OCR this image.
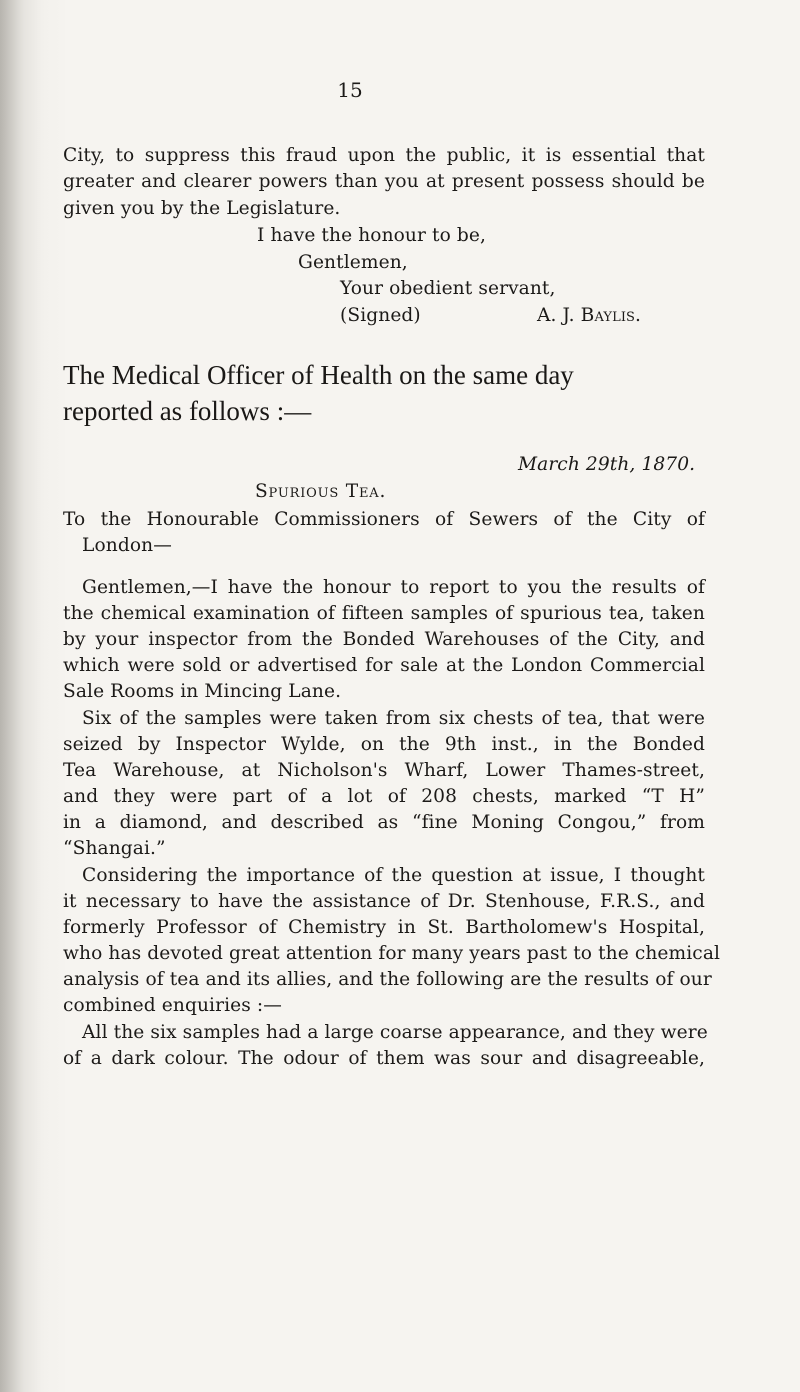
15
City, to suppress this fraud upon the public, it is essential that
greater and clearer powers than you at present possess should be
given you by the Legislature.
I have the honour to be,
Gentlemen,
Your obedient servant,
(Signed)	A. J. Baylis.
The Medical Officer of Health on the same day
reported as follows :—
March 29th, 1870.
Spurious Tea.
To the Honourable Commissioners of Sewers of the City of
London—
Gentlemen,—I have the honour to report to you the results of
the chemical examination of fifteen samples of spurious tea, taken
by your inspector from the Bonded Warehouses of the City, and
which were sold or advertised for sale at the London Commercial
Sale Rooms in Mincing Lane.
Six of the samples were taken from six chests of tea, that were
seized by Inspector Wylde, on the 9th inst., in the Bonded
Tea Warehouse, at Nicholson's Wharf, Lower Thames-street,
and they were part of a lot of 208 chests, marked “T H”
in a diamond, and described as “fine Moning Congou,” from
“Shangai.”
Considering the importance of the question at issue, I thought
it necessary to have the assistance of Dr. Stenhouse, F.R.S., and
formerly Professor of Chemistry in St. Bartholomew's Hospital,
who has devoted great attention for many years past to the chemical
analysis of tea and its allies, and the following are the results of our
combined enquiries :—
All the six samples had a large coarse appearance, and they were
of a dark colour. The odour of them was sour and disagreeable,
